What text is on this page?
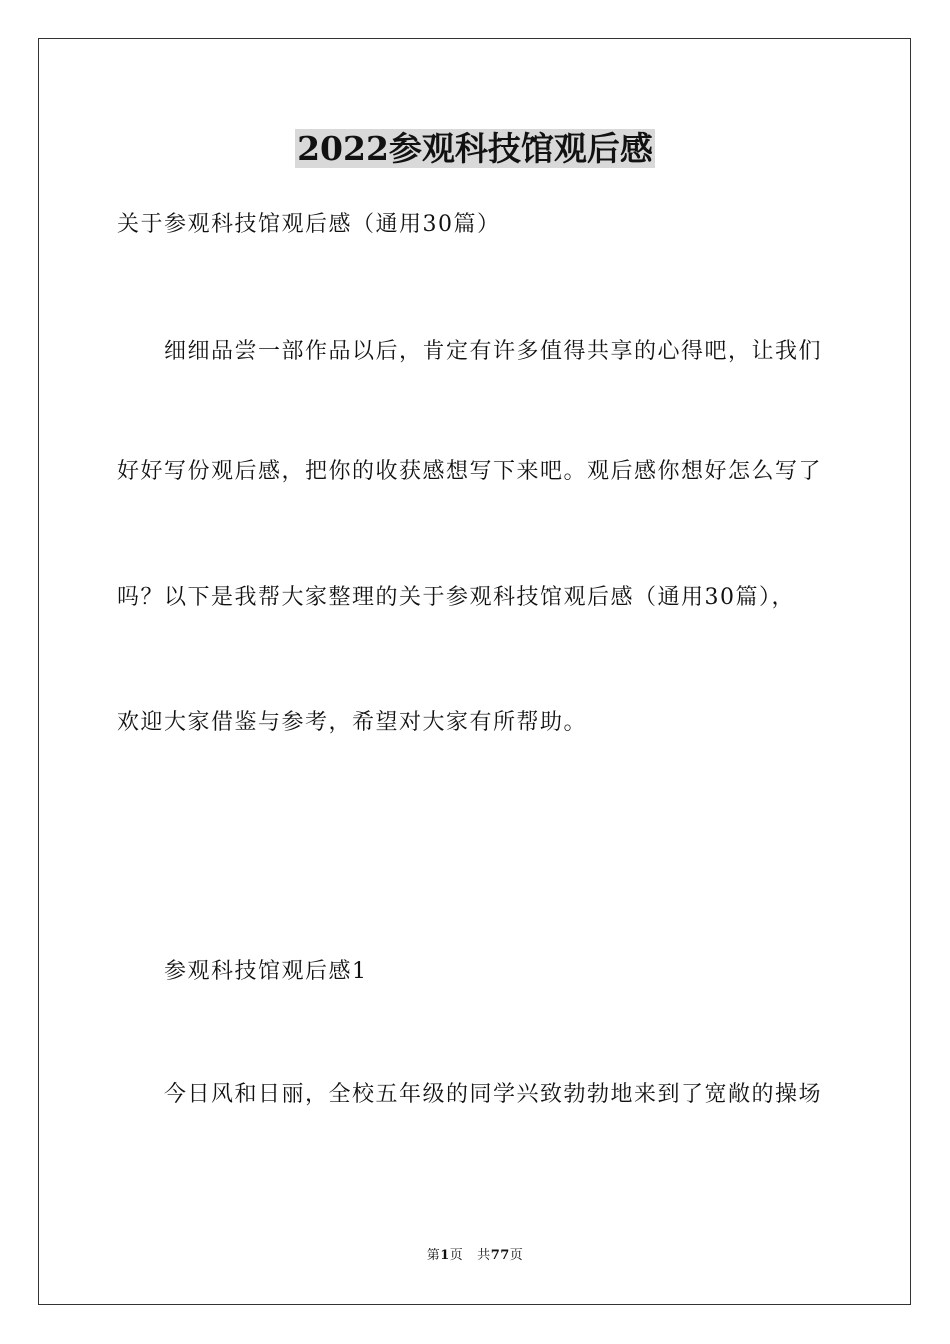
2022参观科技馆观后感
关于参观科技馆观后感（通用30篇）
细细品尝一部作品以后，肯定有许多值得共享的心得吧，让我们
好好写份观后感，把你的收获感想写下来吧。观后感你想好怎么写了
吗？以下是我帮大家整理的关于参观科技馆观后感（通用30篇），
欢迎大家借鉴与参考，希望对大家有所帮助。
参观科技馆观后感1
今日风和日丽，全校五年级的同学兴致勃勃地来到了宽敞的操场
第1页 共77页
